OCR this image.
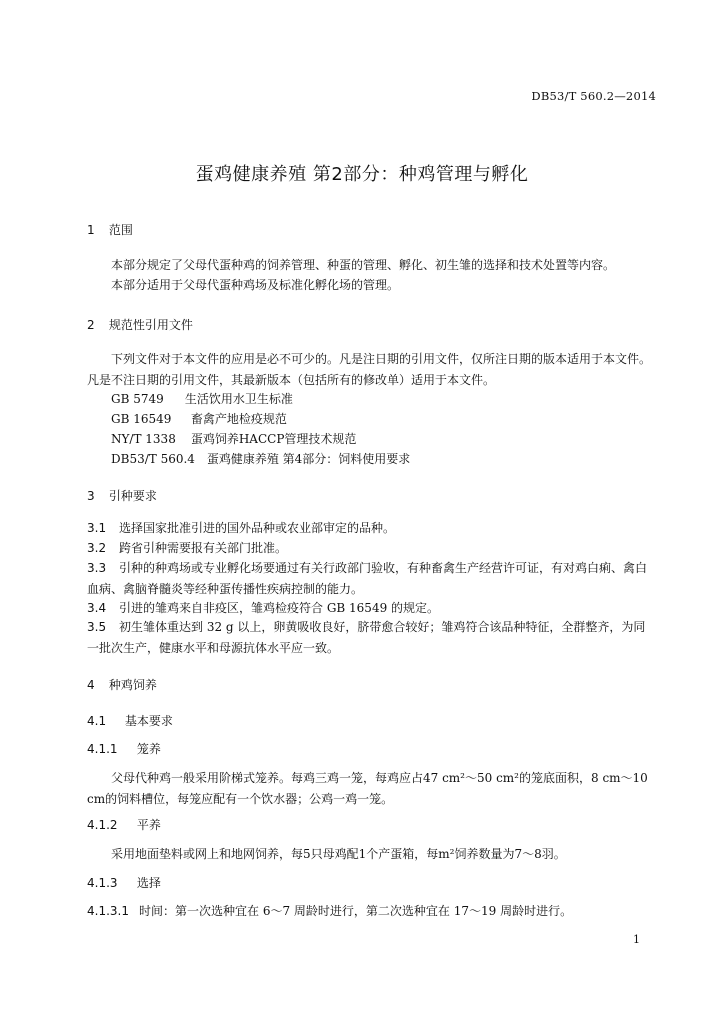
DB53/T 560.2—2014
蛋鸡健康养殖 第2部分：种鸡管理与孵化
1 范围
本部分规定了父母代蛋种鸡的饲养管理、种蛋的管理、孵化、初生雏的选择和技术处置等内容。
本部分适用于父母代蛋种鸡场及标准化孵化场的管理。
2 规范性引用文件
下列文件对于本文件的应用是必不可少的。凡是注日期的引用文件，仅所注日期的版本适用于本文件。凡是不注日期的引用文件，其最新版本（包括所有的修改单）适用于本文件。
GB 5749 生活饮用水卫生标准
GB 16549 畜禽产地检疫规范
NY/T 1338 蛋鸡饲养HACCP管理技术规范
DB53/T 560.4 蛋鸡健康养殖 第4部分：饲料使用要求
3 引种要求
3.1 选择国家批准引进的国外品种或农业部审定的品种。
3.2 跨省引种需要报有关部门批准。
3.3 引种的种鸡场或专业孵化场要通过有关行政部门验收，有种畜禽生产经营许可证，有对鸡白痢、禽白血病、禽脑脊髓炎等经种蛋传播性疾病控制的能力。
3.4 引进的雏鸡来自非疫区，雏鸡检疫符合 GB 16549 的规定。
3.5 初生雏体重达到 32 g 以上，卵黄吸收良好，脐带愈合较好；雏鸡符合该品种特征，全群整齐，为同一批次生产，健康水平和母源抗体水平应一致。
4 种鸡饲养
4.1 基本要求
4.1.1 笼养
父母代种鸡一般采用阶梯式笼养。每鸡三鸡一笼，每鸡应占47 cm²～50 cm²的笼底面积，8 cm～10 cm的饲料槽位，每笼应配有一个饮水器；公鸡一鸡一笼。
4.1.2 平养
采用地面垫料或网上和地网饲养，每5只母鸡配1个产蛋箱，每m²饲养数量为7～8羽。
4.1.3 选择
4.1.3.1 时间：第一次选种宜在 6～7 周龄时进行，第二次选种宜在 17～19 周龄时进行。
1
